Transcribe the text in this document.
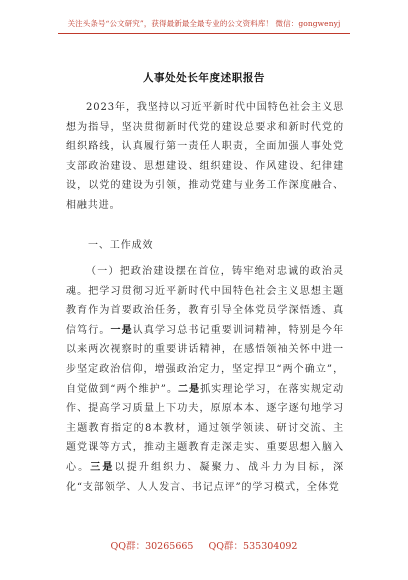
关注头条号“公文研究”，获得最新最全最专业的公文资料库！ 微信：gongwenyj
人事处处长年度述职报告

2023年，我坚持以习近平新时代中国特色社会主义思想为指导，坚决贯彻新时代党的建设总要求和新时代党的组织路线，认真履行第一责任人职责，全面加强人事处党支部政治建设、思想建设、组织建设、作风建设、纪律建设，以党的建设为引领，推动党建与业务工作深度融合、相融共进。

一、工作成效

（一）把政治建设摆在首位，铸牢绝对忠诚的政治灵魂。把学习贯彻习近平新时代中国特色社会主义思想主题教育作为首要政治任务，教育引导全体党员学深悟透、真信笃行。一是认真学习总书记重要训词精神，特别是今年以来两次视察时的重要讲话精神，在感悟领袖关怀中进一步坚定政治信仰，增强政治定力，坚定捍卫“两个确立”，自觉做到“两个维护”。二是抓实理论学习，在落实规定动作、提高学习质量上下功夫，原原本本、逐字逐句地学习主题教育指定的8本教材，通过领学领读、研讨交流、主题党课等方式，推动主题教育走深走实、重要思想入脑入心。三是以提升组织力、凝聚力、战斗力为目标，深化“支部领学、人人发言、书记点评”的学习模式，全体党

QQ群：30265665 QQ群：535304092
